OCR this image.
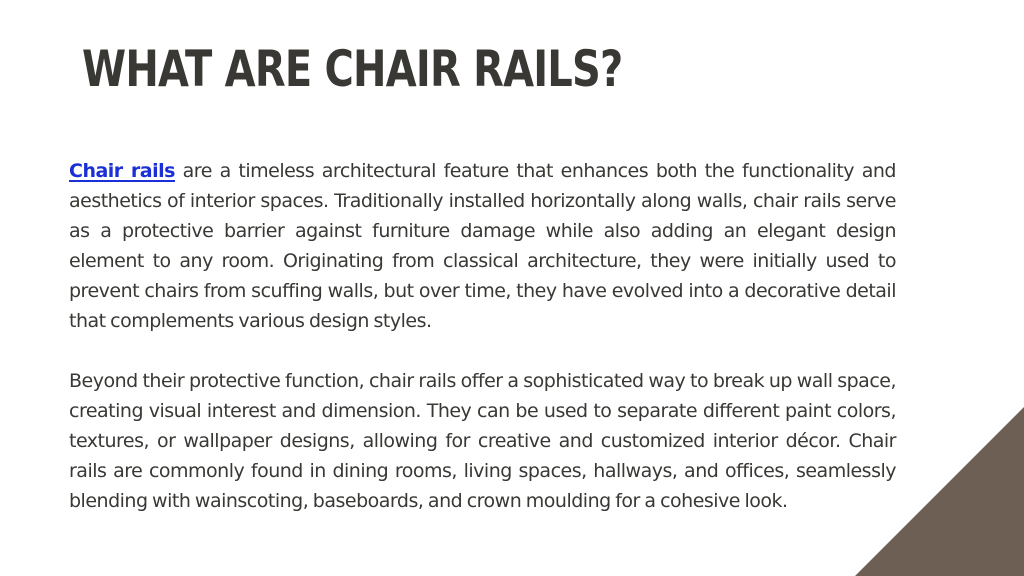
WHAT ARE CHAIR RAILS?

Chair rails are a timeless architectural feature that enhances both the functionality and aesthetics of interior spaces. Traditionally installed horizontally along walls, chair rails serve as a protective barrier against furniture damage while also adding an elegant design element to any room. Originating from classical architecture, they were initially used to prevent chairs from scuffing walls, but over time, they have evolved into a decorative detail that complements various design styles.

Beyond their protective function, chair rails offer a sophisticated way to break up wall space, creating visual interest and dimension. They can be used to separate different paint colors, textures, or wallpaper designs, allowing for creative and customized interior décor. Chair rails are commonly found in dining rooms, living spaces, hallways, and offices, seamlessly blending with wainscoting, baseboards, and crown moulding for a cohesive look.
